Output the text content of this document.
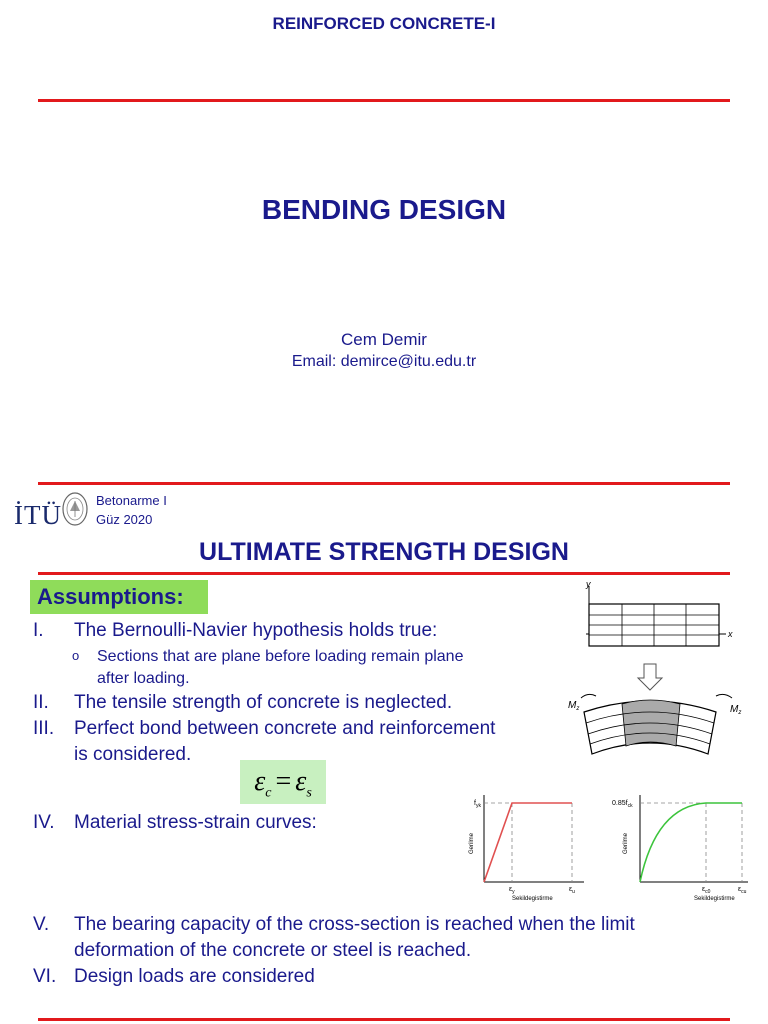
REINFORCED CONCRETE-I
BENDING DESIGN
Cem Demir
Email: demirce@itu.edu.tr
İTÜ	Betonarme I
Güz 2020
ULTIMATE STRENGTH DESIGN
Assumptions:
I. The Bernoulli-Navier hypothesis holds true:
o Sections that are plane before loading remain plane
after loading.
II. The tensile strength of concrete is neglected.
III. Perfect bond between concrete and reinforcement
is considered.
$\varepsilon_c = \varepsilon_s$
IV. Material stress-strain curves:
V. The bearing capacity of the cross-section is reached when the limit
deformation of the concrete or steel is reached.
VI. Design loads are considered
y
x
$M_z$	$M_z$
$f_{yk}$
Gerilme
$\varepsilon_y$	$\varepsilon_u$
Sekildegistirme
$0.85f_{ck}$
Gerilme
$\varepsilon_{c0}$	$\varepsilon_{cu}$
Sekildegistirme
